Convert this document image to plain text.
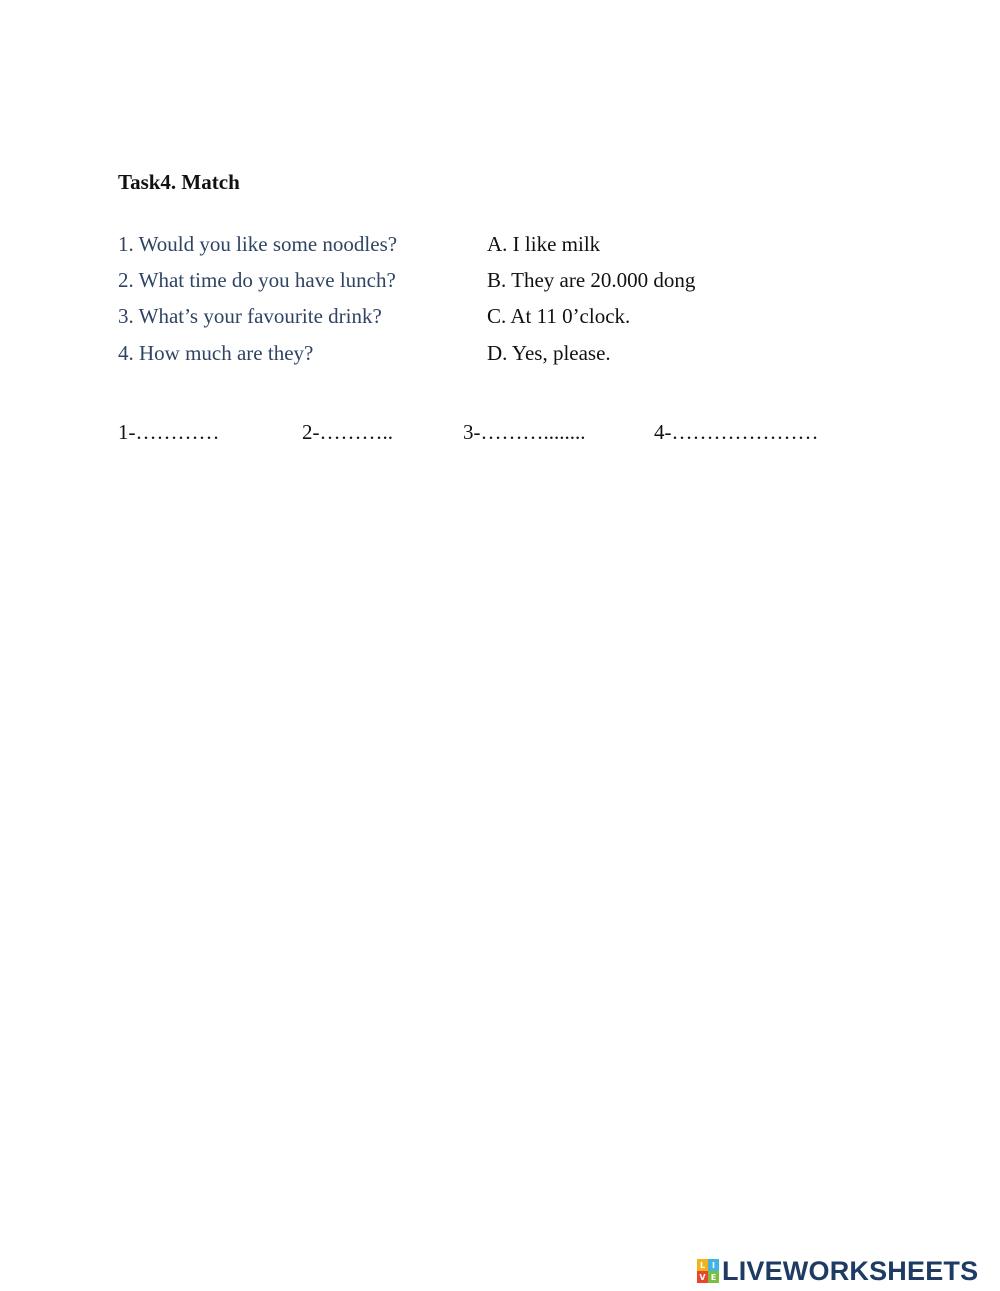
Task4. Match
1. Would you like some noodles?	A. I like milk
2. What time do you have lunch?	B. They are 20.000 dong
3. What’s your favourite drink?	C. At 11 0’clock.
4. How much are they?	D. Yes, please.
1-…………	2-………..	3-………........	4-…………………
L I
V E LIVEWORKSHEETS
